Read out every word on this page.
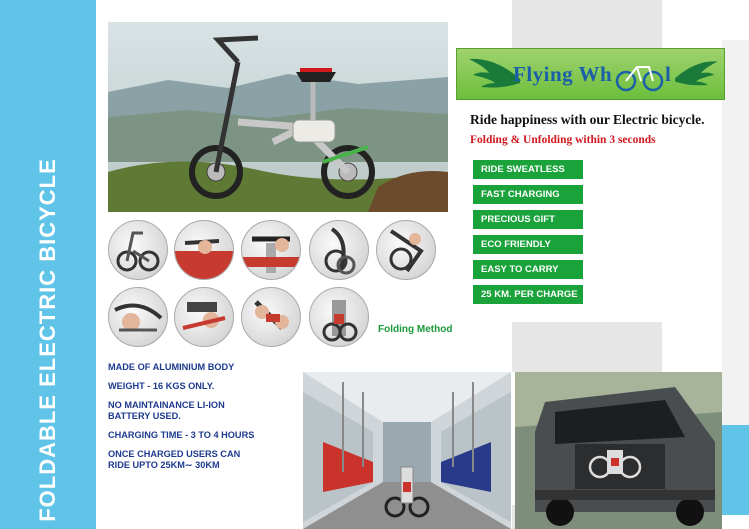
FOLDABLE ELECTRIC BICYCLE	Folding Method
Flying Wh	l
Ride happiness with our Electric bicycle.
Folding & Unfolding within 3 seconds
RIDE SWEATLESS
FAST CHARGING
PRECIOUS GIFT
ECO FRIENDLY
EASY TO CARRY
25 KM. PER CHARGE
MADE OF ALUMINIUM BODY
WEIGHT - 16 KGS ONLY.
NO MAINTAINANCE LI-ION
BATTERY USED.
CHARGING TIME - 3 TO 4 HOURS
ONCE CHARGED USERS CAN
RIDE UPTO 25KM∼ 30KM
